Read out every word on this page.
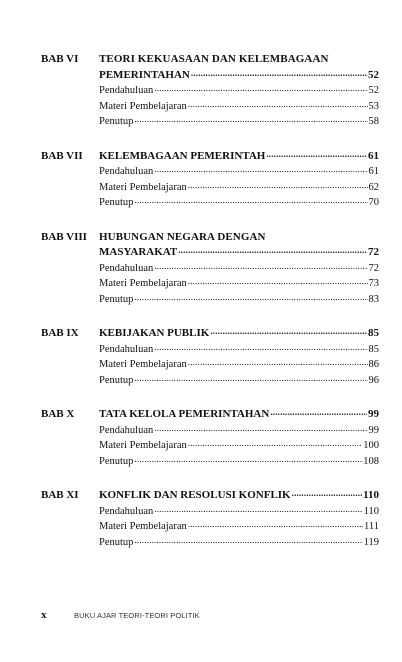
BAB VI	TEORI KEKUASAAN DAN KELEMBAGAAN
PEMERINTAHAN .....	52
Pendahuluan .....	52
Materi Pembelajaran .....	53
Penutup .....	58
BAB VII	KELEMBAGAAN PEMERINTAH .....	61
Pendahuluan .....	61
Materi Pembelajaran .....	62
Penutup .....	70
BAB VIII	HUBUNGAN NEGARA DENGAN
MASYARAKAT .....	72
Pendahuluan .....	72
Materi Pembelajaran .....	73
Penutup .....	83
BAB IX	KEBIJAKAN PUBLIK .....	85
Pendahuluan .....	85
Materi Pembelajaran .....	86
Penutup .....	96
BAB X	TATA KELOLA PEMERINTAHAN .....	99
Pendahuluan .....	99
Materi Pembelajaran .....	100
Penutup .....	108
BAB XI	KONFLIK DAN RESOLUSI KONFLIK .....	110
Pendahuluan .....	110
Materi Pembelajaran .....	111
Penutup .....	119
x	BUKU AJAR TEORI-TEORI POLITIK
